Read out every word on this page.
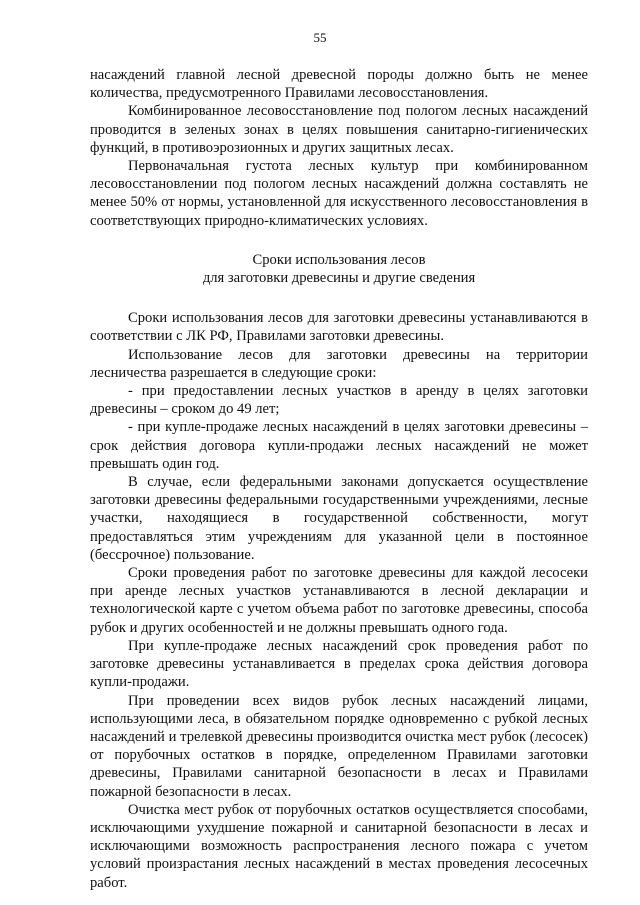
55

насаждений главной лесной древесной породы должно быть не менее количества, предусмотренного Правилами лесовосстановления.

Комбинированное лесовосстановление под пологом лесных насаждений проводится в зеленых зонах в целях повышения санитарно-гигиенических функций, в противоэрозионных и других защитных лесах.

Первоначальная густота лесных культур при комбинированном лесовосстановлении под пологом лесных насаждений должна составлять не менее 50% от нормы, установленной для искусственного лесовосстановления в соответствующих природно-климатических условиях.

Сроки использования лесов
для заготовки древесины и другие сведения

Сроки использования лесов для заготовки древесины устанавливаются в соответствии с ЛК РФ, Правилами заготовки древесины.

Использование лесов для заготовки древесины на территории лесничества разрешается в следующие сроки:

- при предоставлении лесных участков в аренду в целях заготовки древесины – сроком до 49 лет;

- при купле-продаже лесных насаждений в целях заготовки древесины – срок действия договора купли-продажи лесных насаждений не может превышать один год.

В случае, если федеральными законами допускается осуществление заготовки древесины федеральными государственными учреждениями, лесные участки, находящиеся в государственной собственности, могут предоставляться этим учреждениям для указанной цели в постоянное (бессрочное) пользование.

Сроки проведения работ по заготовке древесины для каждой лесосеки при аренде лесных участков устанавливаются в лесной декларации и технологической карте с учетом объема работ по заготовке древесины, способа рубок и других особенностей и не должны превышать одного года.

При купле-продаже лесных насаждений срок проведения работ по заготовке древесины устанавливается в пределах срока действия договора купли-продажи.

При проведении всех видов рубок лесных насаждений лицами, использующими леса, в обязательном порядке одновременно с рубкой лесных насаждений и трелевкой древесины производится очистка мест рубок (лесосек) от порубочных остатков в порядке, определенном Правилами заготовки древесины, Правилами санитарной безопасности в лесах и Правилами пожарной безопасности в лесах.

Очистка мест рубок от порубочных остатков осуществляется способами, исключающими ухудшение пожарной и санитарной безопасности в лесах и исключающими возможность распространения лесного пожара с учетом условий произрастания лесных насаждений в местах проведения лесосечных работ.
